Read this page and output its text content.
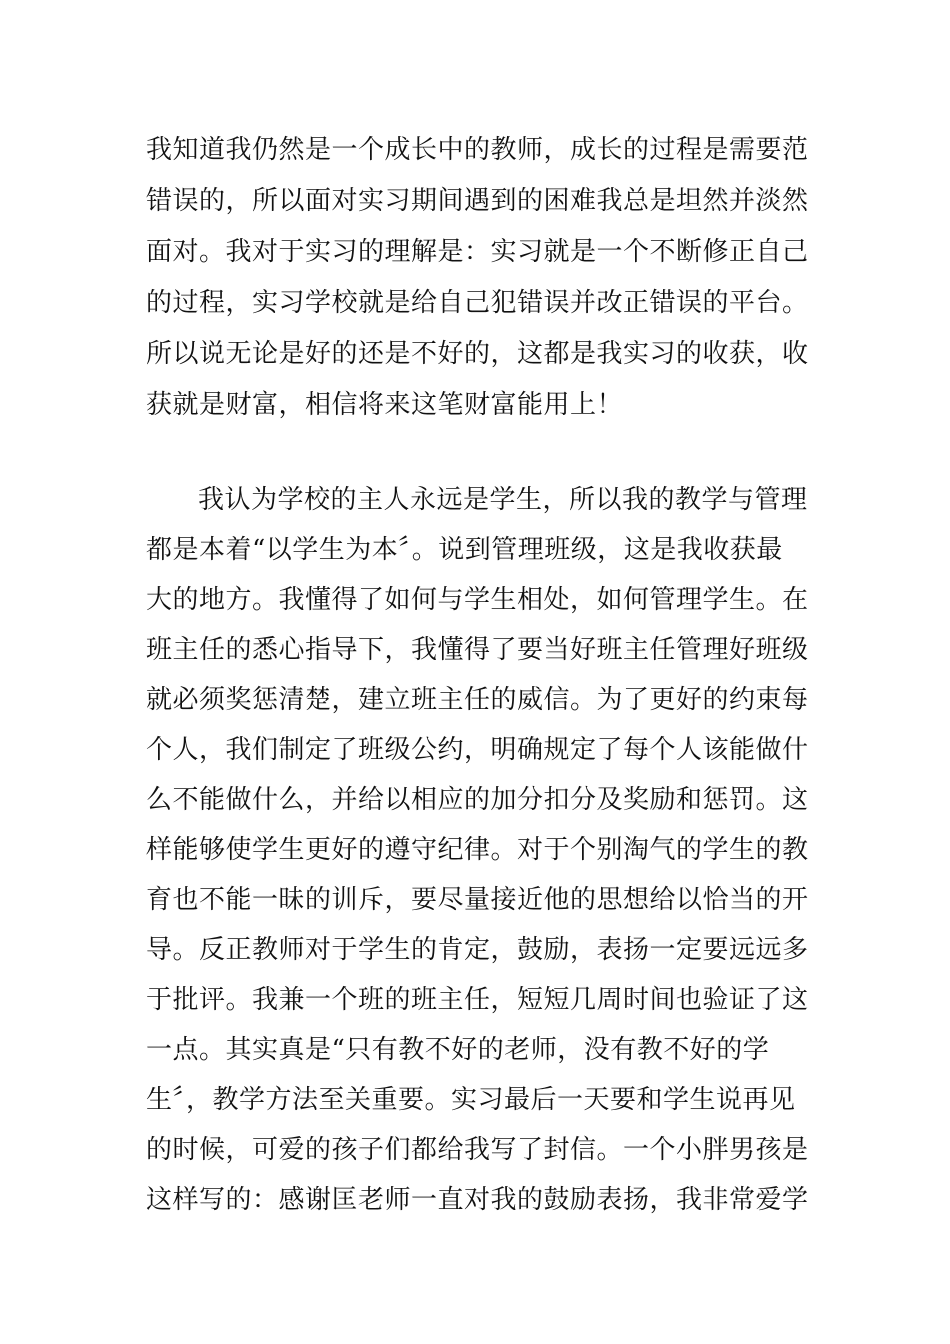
我知道我仍然是一个成长中的教师，成长的过程是需要范
错误的，所以面对实习期间遇到的困难我总是坦然并淡然
面对。我对于实习的理解是：实习就是一个不断修正自己
的过程，实习学校就是给自己犯错误并改正错误的平台。
所以说无论是好的还是不好的，这都是我实习的收获，收
获就是财富，相信将来这笔财富能用上！
我认为学校的主人永远是学生，所以我的教学与管理
都是本着“以学生为本〞。说到管理班级，这是我收获最
大的地方。我懂得了如何与学生相处，如何管理学生。在
班主任的悉心指导下，我懂得了要当好班主任管理好班级
就必须奖惩清楚，建立班主任的威信。为了更好的约束每
个人，我们制定了班级公约，明确规定了每个人该能做什
么不能做什么，并给以相应的加分扣分及奖励和惩罚。这
样能够使学生更好的遵守纪律。对于个别淘气的学生的教
育也不能一昧的训斥，要尽量接近他的思想给以恰当的开
导。反正教师对于学生的肯定，鼓励，表扬一定要远远多
于批评。我兼一个班的班主任，短短几周时间也验证了这
一点。其实真是“只有教不好的老师，没有教不好的学
生〞，教学方法至关重要。实习最后一天要和学生说再见
的时候，可爱的孩子们都给我写了封信。一个小胖男孩是
这样写的：感谢匡老师一直对我的鼓励表扬，我非常爱学
